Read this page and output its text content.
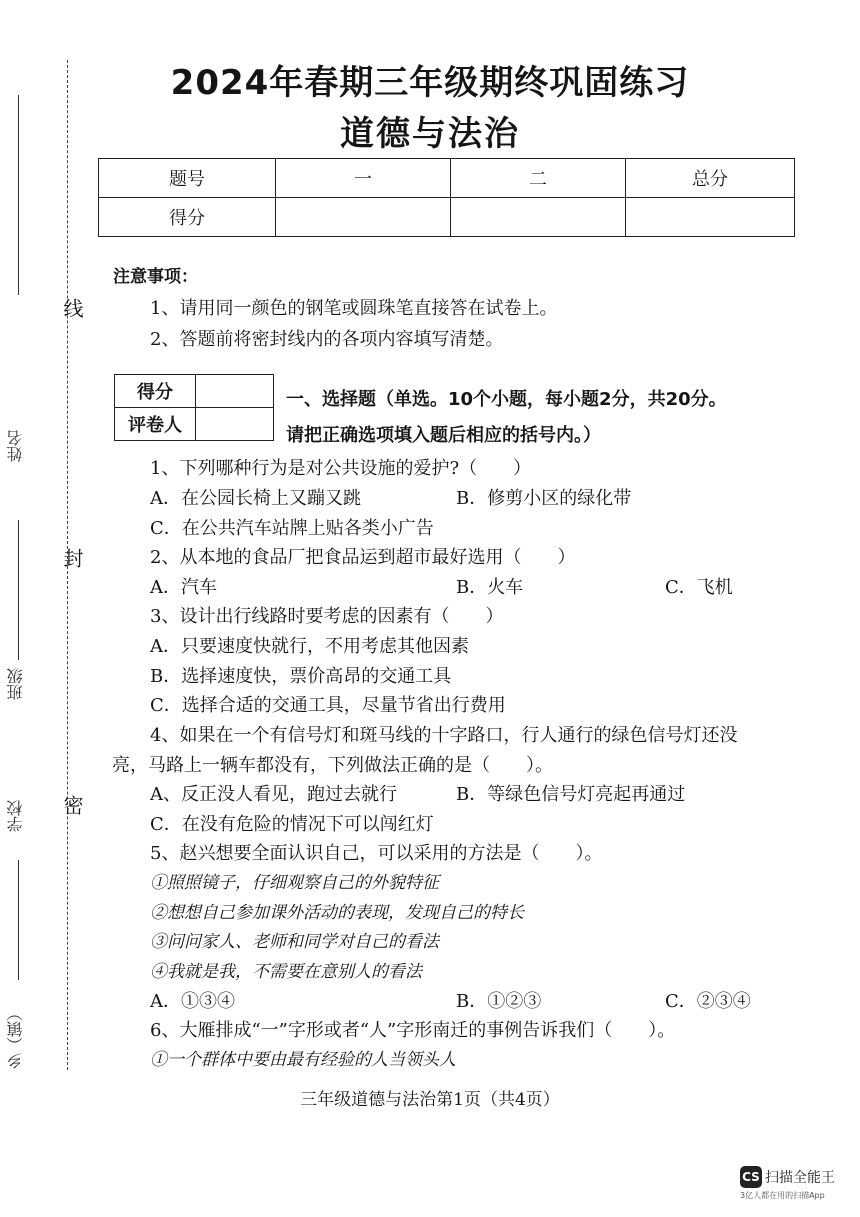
线
封
密
姓名
班级
学校
乡（镇）
2024年春期三年级期终巩固练习
道德与法治
题号	一	二	总分
得分			
注意事项：
1、请用同一颜色的钢笔或圆珠笔直接答在试卷上。
2、答题前将密封线内的各项内容填写清楚。
得分	
评卷人	
一、选择题（单选。10个小题，每小题2分，共20分。
请把正确选项填入题后相应的括号内。）
1、下列哪种行为是对公共设施的爱护?（　　）
A．在公园长椅上又蹦又跳	B．修剪小区的绿化带
C．在公共汽车站牌上贴各类小广告
2、从本地的食品厂把食品运到超市最好选用（　　）
A．汽车	B．火车	C．飞机
3、设计出行线路时要考虑的因素有（　　）
A．只要速度快就行，不用考虑其他因素
B．选择速度快，票价高昂的交通工具
C．选择合适的交通工具，尽量节省出行费用
4、如果在一个有信号灯和斑马线的十字路口，行人通行的绿色信号灯还没
亮，马路上一辆车都没有，下列做法正确的是（　　）。
A、反正没人看见，跑过去就行	B．等绿色信号灯亮起再通过
C．在没有危险的情况下可以闯红灯
5、赵兴想要全面认识自己，可以采用的方法是（　　）。
①照照镜子，仔细观察自己的外貌特征
②想想自己参加课外活动的表现，发现自己的特长
③问问家人、老师和同学对自己的看法
④我就是我，不需要在意别人的看法
A．①③④	B．①②③	C．②③④
6、大雁排成“一”字形或者“人”字形南迁的事例告诉我们（　　）。
①一个群体中要由最有经验的人当领头人
三年级道德与法治第1页（共4页）
CS 扫描全能王
3亿人都在用的扫描App
